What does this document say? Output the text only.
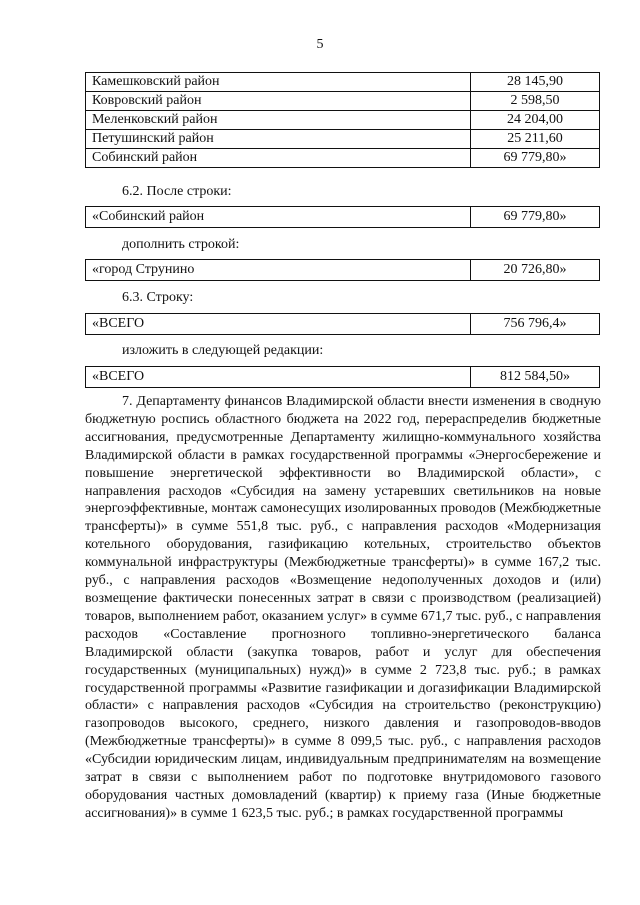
5
Камешковский район	28 145,90
Ковровский район	2 598,50
Меленковский район	24 204,00
Петушинский район	25 211,60
Собинский район	69 779,80»
6.2. После строки:
«Собинский район	69 779,80»
дополнить строкой:
«город Струнино	20 726,80»
6.3. Строку:
«ВСЕГО	756 796,4»
изложить в следующей редакции:
«ВСЕГО	812 584,50»

7. Департаменту финансов Владимирской области внести изменения в сводную бюджетную роспись областного бюджета на 2022 год, перераспределив бюджетные ассигнования, предусмотренные Департаменту жилищно-коммунального хозяйства Владимирской области в рамках государственной программы «Энергосбережение и повышение энергетической эффективности во Владимирской области», с направления расходов «Субсидия на замену устаревших светильников на новые энергоэффективные, монтаж самонесущих изолированных проводов (Межбюджетные трансферты)» в сумме 551,8 тыс. руб., с направления расходов «Модернизация котельного оборудования, газификацию котельных, строительство объектов коммунальной инфраструктуры (Межбюджетные трансферты)» в сумме 167,2 тыс. руб., с направления расходов «Возмещение недополученных доходов и (или) возмещение фактически понесенных затрат в связи с производством (реализацией) товаров, выполнением работ, оказанием услуг» в сумме 671,7 тыс. руб., с направления расходов «Составление прогнозного топливно-энергетического баланса Владимирской области (закупка товаров, работ и услуг для обеспечения государственных (муниципальных) нужд)» в сумме 2 723,8 тыс. руб.; в рамках государственной программы «Развитие газификации и догазификации Владимирской области» с направления расходов «Субсидия на строительство (реконструкцию) газопроводов высокого, среднего, низкого давления и газопроводов-вводов (Межбюджетные трансферты)» в сумме 8 099,5 тыс. руб., с направления расходов «Субсидии юридическим лицам, индивидуальным предпринимателям на возмещение затрат в связи с выполнением работ по подготовке внутридомового газового оборудования частных домовладений (квартир) к приему газа (Иные бюджетные ассигнования)» в сумме 1 623,5 тыс. руб.; в рамках государственной программы
